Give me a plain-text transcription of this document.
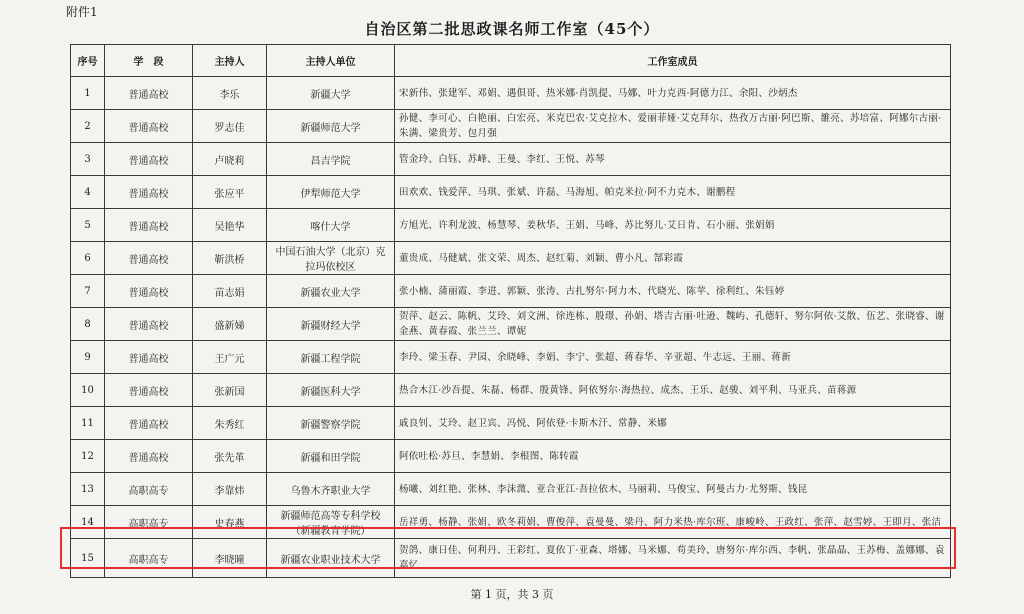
附件1
自治区第二批思政课名师工作室（45个）
序号	学　段	主持人	主持人单位	工作室成员
1	普通高校	李乐	新疆大学	宋新伟、张建军、邓娟、遇俱哥、热米娜·肖凯提、马娜、叶力克西·阿德力江、余阳、沙炳杰
2	普通高校	罗志佳	新疆师范大学	孙健、李可心、白艳丽、白宏亮、米克巴农·艾克拉木、爱丽菲娅·艾克拜尔、热孜万古丽·阿巴斯、雒亮、苏培富、阿娜尔古丽·朱满、梁贵芳、包月强
3	普通高校	卢晓莉	昌吉学院	管金玲、白钰、苏峰、王曼、李红、王悦、苏琴
4	普通高校	张应平	伊犁师范大学	田欢欢、钱爱萍、马琪、张斌、许磊、马海旭、帕克米拉·阿不力克木、谢鹏程
5	普通高校	吴艳华	喀什大学	方旭光、许利龙波、杨慧琴、姜秋华、王娟、马峰、苏比努儿·艾日肯、石小丽、张娟娟
6	普通高校	靳洪桥	中国石油大学（北京）克拉玛依校区	董贵成、马健斌、张文荣、周杰、赵红菊、刘颖、曹小凡、郜彩霞
7	普通高校	苗志娟	新疆农业大学	张小楠、蒲丽霞、李进、郭颖、张涛、古扎努尔·阿力木、代晓光、陈苹、徐利红、朱钰婷
8	普通高校	盛新娣	新疆财经大学	贺萍、赵云、陈帆、艾玲、刘文洲、徐连栋、殷璟、孙娟、塔吉古丽·吐逊、魏屿、孔德轩、努尔阿依·艾散、伍艺、张晓睿、谢金燕、黄春霞、张兰兰、谭妮
9	普通高校	王广元	新疆工程学院	李玲、梁玉春、尹园、余晓峰、李娟、李宁、张超、蒋春华、辛亚超、牛志远、王丽、蒋新
10	普通高校	张新国	新疆医科大学	热合木江·沙吾提、朱磊、杨群、殷黄锋、阿依努尔·海热拉、成杰、王乐、赵骏、刘平利、马亚兵、苗蒋源
11	普通高校	朱秀红	新疆警察学院	戚良钊、艾玲、赵卫宾、冯悦、阿依登·卡斯木汗、常静、米娜
12	普通高校	张先革	新疆和田学院	阿依吐松·苏旦、李慧娟、李根图、陈转霞
13	高职高专	李靠炜	乌鲁木齐职业大学	杨曦、刘红艳、张林、李沫溦、亚合亚江·吾拉依木、马丽莉、马俊宝、阿曼古力·尤努斯、钱昆
14	高职高专	史春燕	新疆师范高等专科学校（新疆教育学院）	岳祥勇、杨静、张娟、欧冬莉娟、曹俊萍、袁曼曼、梁丹、阿力米热·库尔班、康峻岭、王政红、张萍、赵雪婷、王即月、张洁
15	高职高专	李晓曈	新疆农业职业技术大学	贺鸽、康日佳、何利丹、王彩红、夏依丁·亚森、塔娜、马米娜、苟美玲、唐努尔·库尔西、李帆、张晶晶、王苏梅、盖娜娜、袁嘉忆
第 1 页，共 3 页
